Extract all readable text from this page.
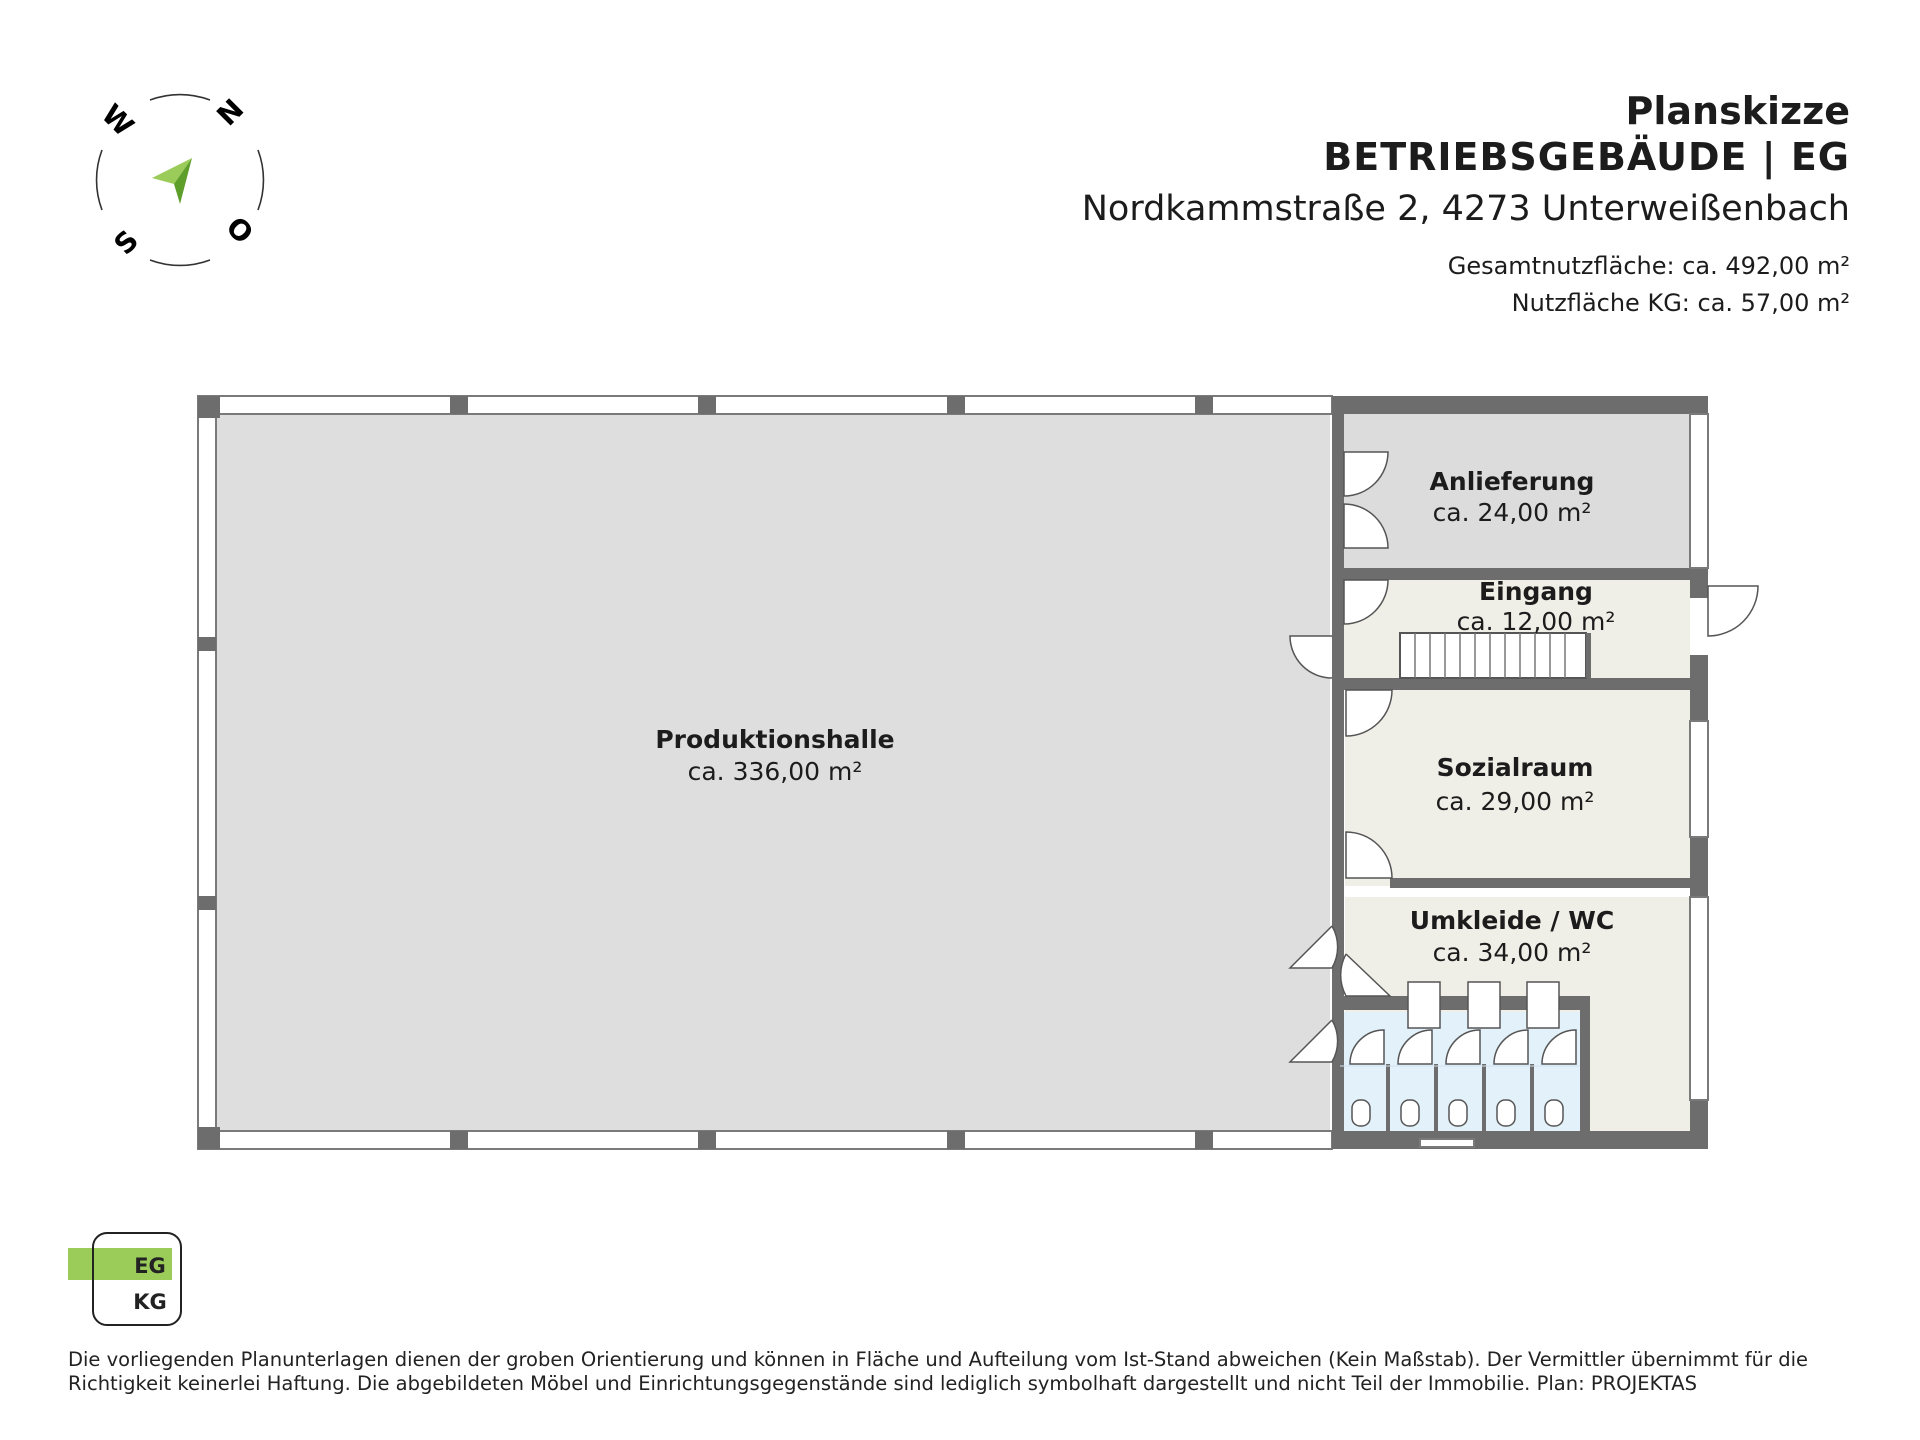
Planskizze
BETRIEBSGEBÄUDE | EG
Nordkammstraße 2, 4273 Unterweißenbach
Gesamtnutzfläche: ca. 492,00 m²
Nutzfläche KG: ca. 57,00 m²
N
O
S
W
Produktionshalle
ca. 336,00 m²
Anlieferung
ca. 24,00 m²
Eingang
ca. 12,00 m²
Sozialraum
ca. 29,00 m²
Umkleide / WC
ca. 34,00 m²
EG
KG
Die vorliegenden Planunterlagen dienen der groben Orientierung und können in Fläche und Aufteilung vom Ist-Stand abweichen (Kein Maßstab). Der Vermittler übernimmt für die Richtigkeit keinerlei Haftung. Die abgebildeten Möbel und Einrichtungsgegenstände sind lediglich symbolhaft dargestellt und nicht Teil der Immobilie. Plan: PROJEKTAS
